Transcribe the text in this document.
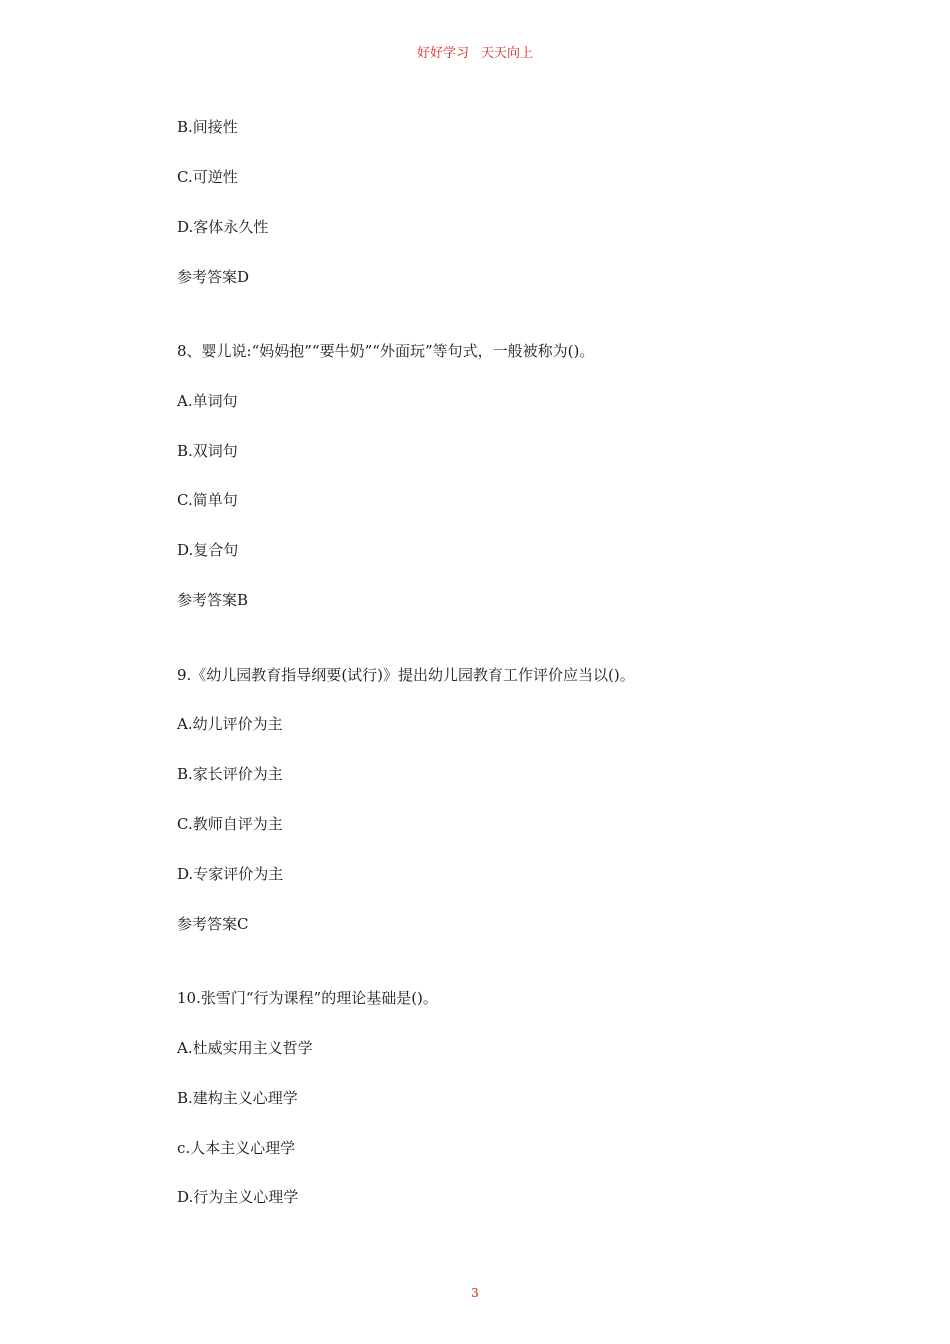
好好学习 天天向上
B.间接性
C.可逆性
D.客体永久性
参考答案D
8、婴儿说:“妈妈抱”“要牛奶”“外面玩”等句式，一般被称为()。
A.单词句
B.双词句
C.简单句
D.复合句
参考答案B
9.《幼儿园教育指导纲要(试行)》提出幼儿园教育工作评价应当以()。
A.幼儿评价为主
B.家长评价为主
C.教师自评为主
D.专家评价为主
参考答案C
10.张雪门“行为课程”的理论基础是()。
A.杜威实用主义哲学
B.建构主义心理学
c.人本主义心理学
D.行为主义心理学
3
